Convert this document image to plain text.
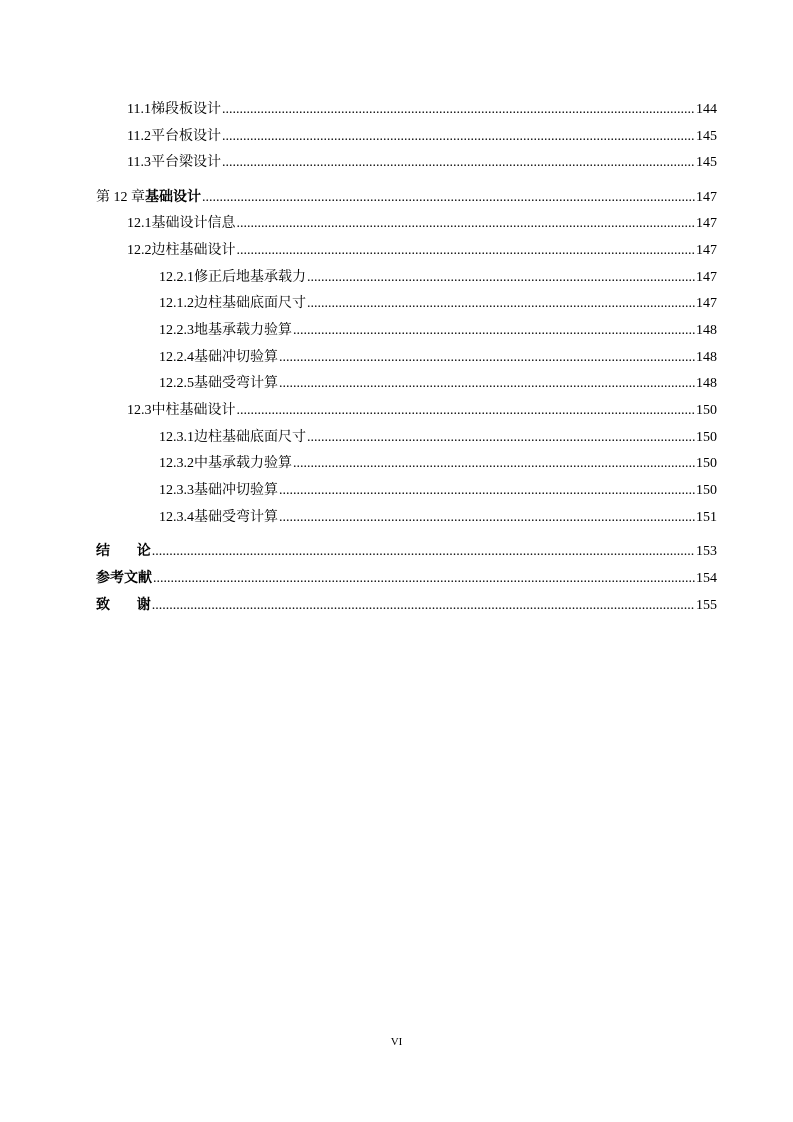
11.1 梯段板设计 .....	144
11.2 平台板设计 .....	145
11.3 平台梁设计 .....	145
第 12 章 基础设计 .....	147
12.1 基础设计信息 .....	147
12.2 边柱基础设计 .....	147
12.2.1 修正后地基承载力 .....	147
12.1.2 边柱基础底面尺寸 .....	147
12.2.3 地基承载力验算 .....	148
12.2.4 基础冲切验算 .....	148
12.2.5 基础受弯计算 .....	148
12.3 中柱基础设计 .....	150
12.3.1 边柱基础底面尺寸 .....	150
12.3.2 中基承载力验算 .....	150
12.3.3 基础冲切验算 .....	150
12.3.4 基础受弯计算 .....	151
结 论 .....	153
参考文献 .....	154
致 谢 .....	155
VI
